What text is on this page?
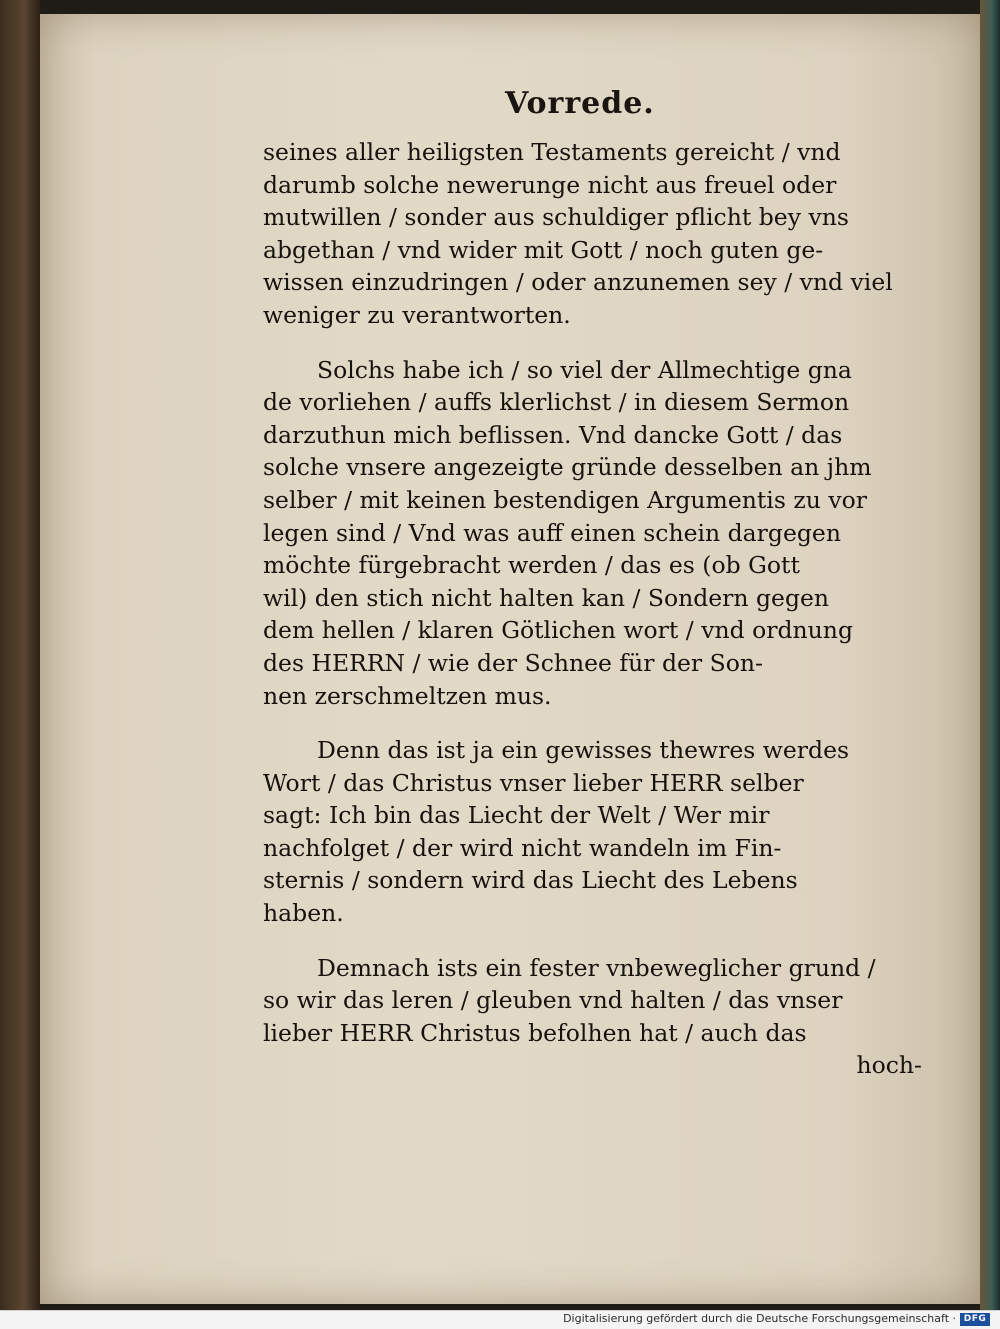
Vorrede.
seines aller heiligsten Testaments gereicht / vnd
darumb solche newerunge nicht aus freuel oder
mutwillen / sonder aus schuldiger pflicht bey vns
abgethan / vnd wider mit Gott / noch guten ge-
wissen einzudringen / oder anzunemen sey / vnd viel
weniger zu verantworten.
Solchs habe ich / so viel der Allmechtige gna
de vorliehen / auffs klerlichst / in diesem Sermon
darzuthun mich beflissen. Vnd dancke Gott / das
solche vnsere angezeigte gründe desselben an jhm
selber / mit keinen bestendigen Argumentis zu vor
legen sind / Vnd was auff einen schein dargegen
möchte fürgebracht werden / das es (ob Gott
wil) den stich nicht halten kan / Sondern gegen
dem hellen / klaren Götlichen wort / vnd ordnung
des HERRN / wie der Schnee für der Son-
nen zerschmeltzen mus.
Denn das ist ja ein gewisses thewres werdes
Wort / das Christus vnser lieber HERR selber
sagt: Ich bin das Liecht der Welt / Wer mir
nachfolget / der wird nicht wandeln im Fin-
sternis / sondern wird das Liecht des Lebens
haben.
Demnach ists ein fester vnbeweglicher grund /
so wir das leren / gleuben vnd halten / das vnser
lieber HERR Christus befolhen hat / auch das
hoch-
Digitalisierung gefördert durch die Deutsche Forschungsgemeinschaft · DFG
